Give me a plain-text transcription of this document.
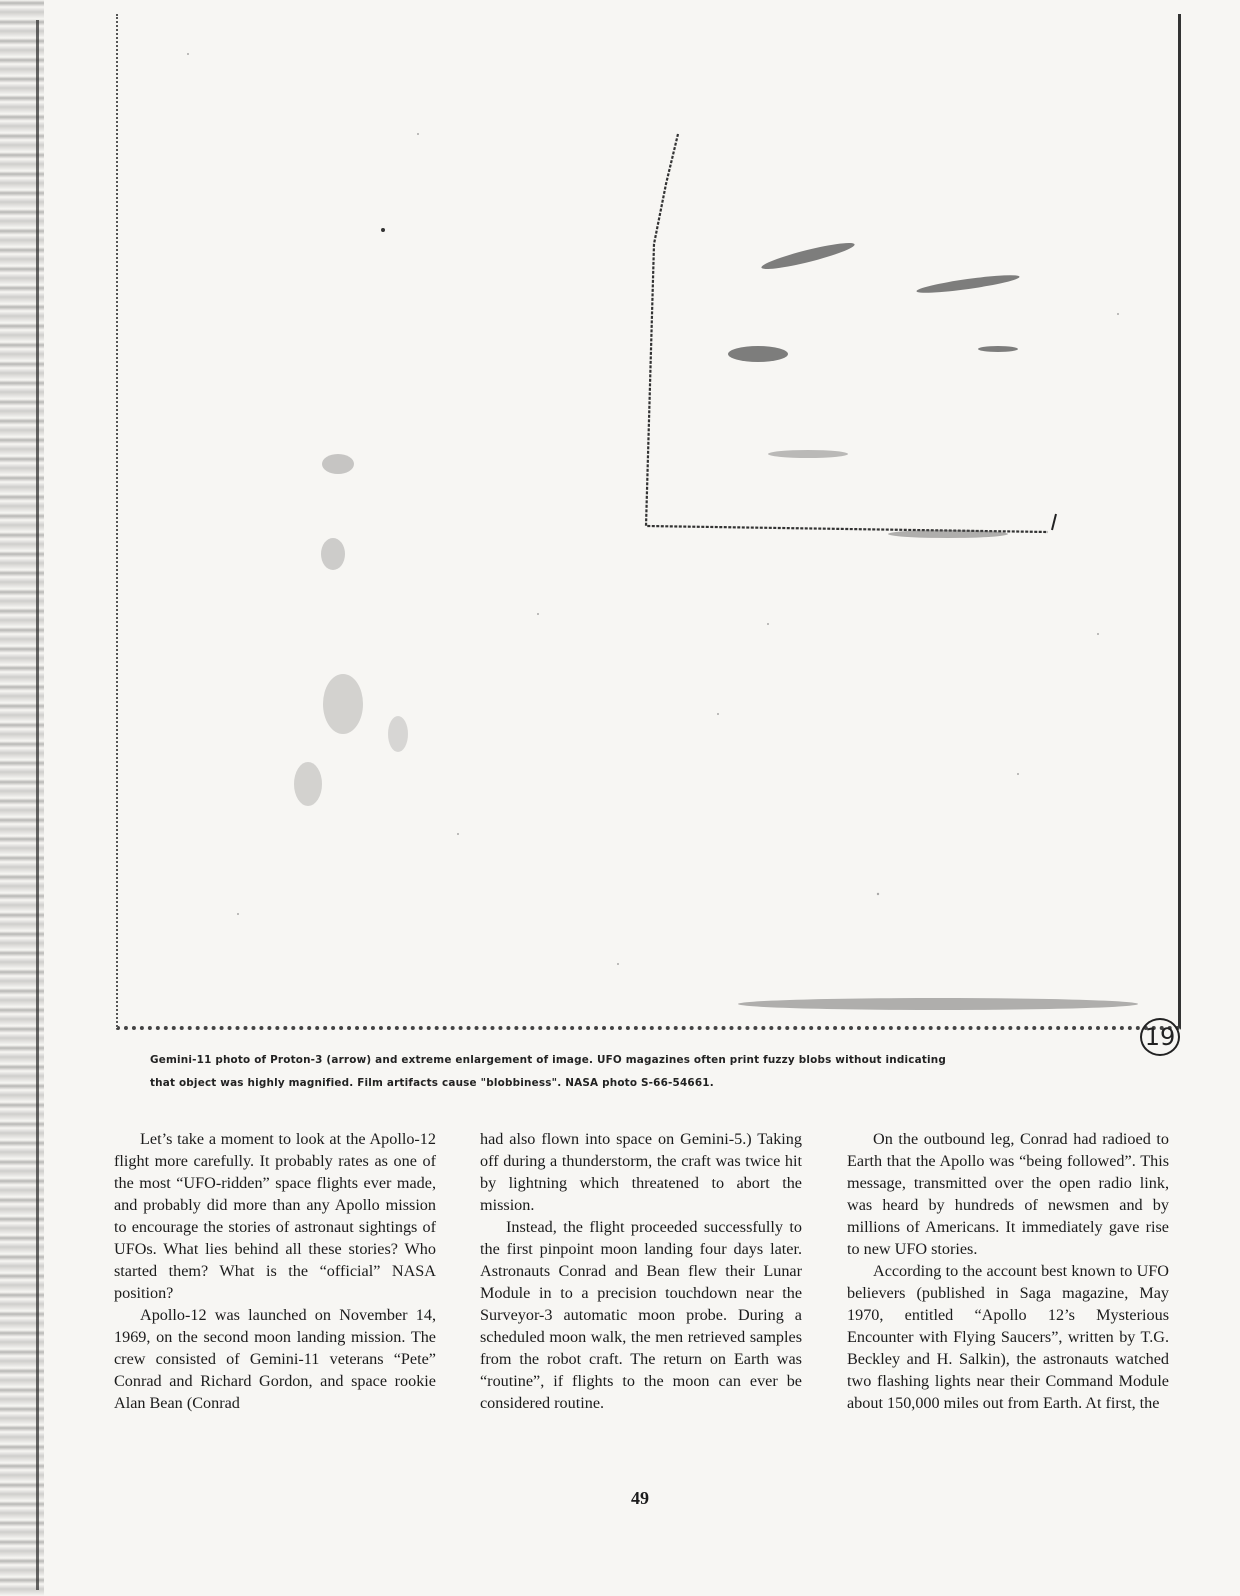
19
Gemini-11 photo of Proton-3 (arrow) and extreme enlargement of image. UFO magazines often print fuzzy blobs without indicating
that object was highly magnified. Film artifacts cause "blobbiness". NASA photo S-66-54661.

Let’s take a moment to look at the Apollo-12 flight more carefully. It probably rates as one of the most “UFO-ridden” space flights ever made, and probably did more than any Apollo mission to encourage the stories of astronaut sightings of UFOs. What lies behind all these stories? Who started them? What is the “official” NASA position?

Apollo-12 was launched on November 14, 1969, on the second moon landing mission. The crew consisted of Gemini-11 veterans “Pete” Conrad and Richard Gordon, and space rookie Alan Bean (Conrad

had also flown into space on Gemini-5.) Taking off during a thunderstorm, the craft was twice hit by lightning which threatened to abort the mission.

Instead, the flight proceeded successfully to the first pinpoint moon landing four days later. Astronauts Conrad and Bean flew their Lunar Module in to a precision touchdown near the Surveyor-3 automatic moon probe. During a scheduled moon walk, the men retrieved samples from the robot craft. The return on Earth was “routine”, if flights to the moon can ever be considered routine.

On the outbound leg, Conrad had radioed to Earth that the Apollo was “being followed”. This message, transmitted over the open radio link, was heard by hundreds of newsmen and by millions of Americans. It immediately gave rise to new UFO stories.

According to the account best known to UFO believers (published in Saga magazine, May 1970, entitled “Apollo 12’s Mysterious Encounter with Flying Saucers”, written by T.G. Beckley and H. Salkin), the astronauts watched two flashing lights near their Command Module about 150,000 miles out from Earth. At first, the

49
